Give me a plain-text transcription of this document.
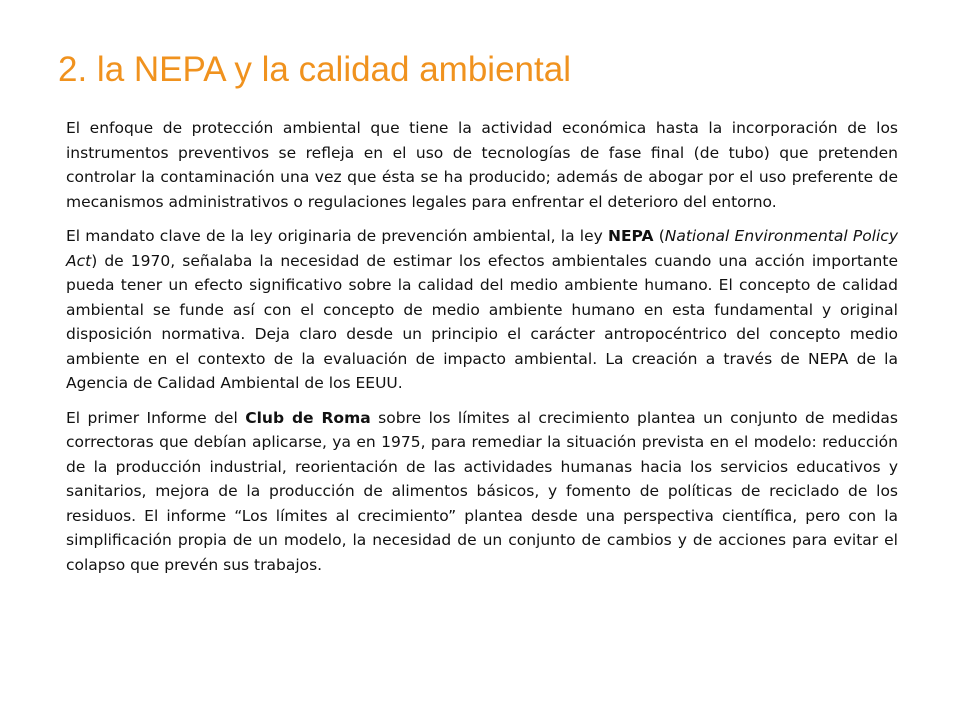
2. la NEPA y la calidad ambiental

El enfoque de protección ambiental que tiene la actividad económica hasta la incorporación de los instrumentos preventivos se refleja en el uso de tecnologías de fase final (de tubo) que pretenden controlar la contaminación una vez que ésta se ha producido; además de abogar por el uso preferente de mecanismos administrativos o regulaciones legales para enfrentar el deterioro del entorno.

El mandato clave de la ley originaria de prevención ambiental, la ley NEPA (National Environmental Policy Act) de 1970, señalaba la necesidad de estimar los efectos ambientales cuando una acción importante pueda tener un efecto significativo sobre la calidad del medio ambiente humano. El concepto de calidad ambiental se funde así con el concepto de medio ambiente humano en esta fundamental y original disposición normativa. Deja claro desde un principio el carácter antropocéntrico del concepto medio ambiente en el contexto de la evaluación de impacto ambiental. La creación a través de NEPA de la Agencia de Calidad Ambiental de los EEUU.

El primer Informe del Club de Roma sobre los límites al crecimiento plantea un conjunto de medidas correctoras que debían aplicarse, ya en 1975, para remediar la situación prevista en el modelo: reducción de la producción industrial, reorientación de las actividades humanas hacia los servicios educativos y sanitarios, mejora de la producción de alimentos básicos, y fomento de políticas de reciclado de los residuos. El informe “Los límites al crecimiento” plantea desde una perspectiva científica, pero con la simplificación propia de un modelo, la necesidad de un conjunto de cambios y de acciones para evitar el colapso que prevén sus trabajos.
